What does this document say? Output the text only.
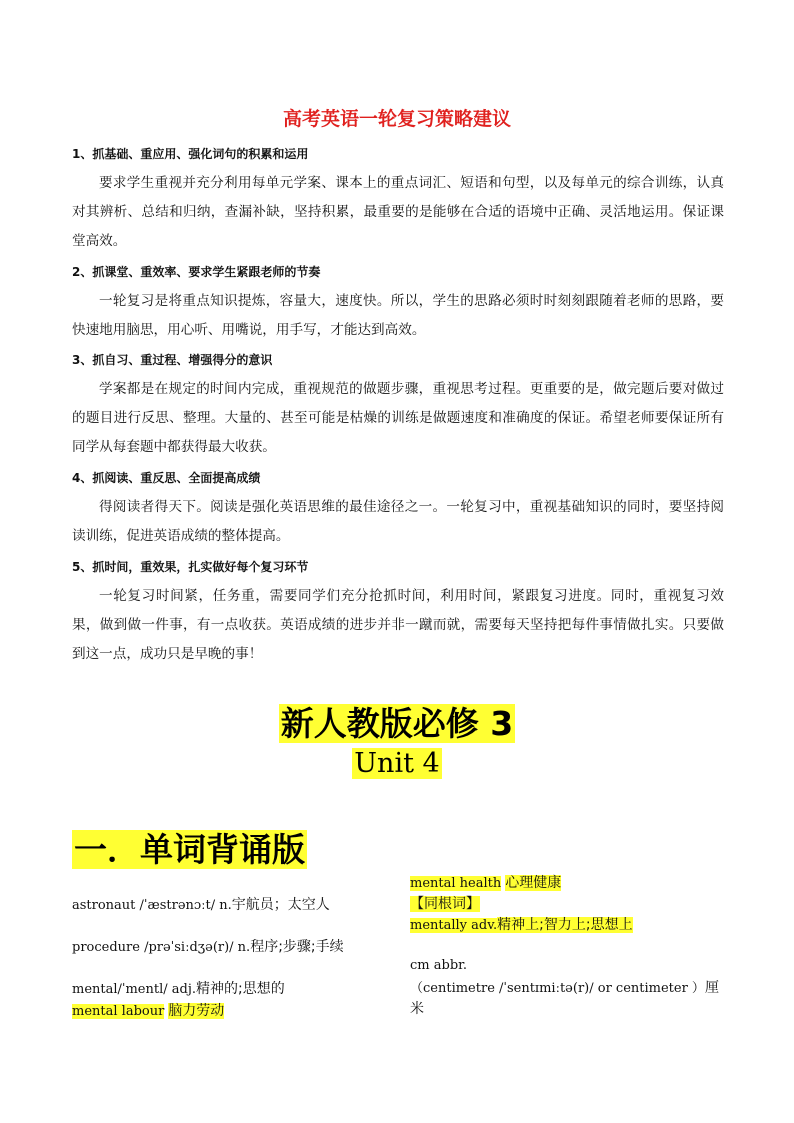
高考英语一轮复习策略建议
1、抓基础、重应用、强化词句的积累和运用
要求学生重视并充分利用每单元学案、课本上的重点词汇、短语和句型，以及每单元的综合训练，认真对其辨析、总结和归纳，查漏补缺，坚持积累，最重要的是能够在合适的语境中正确、灵活地运用。保证课堂高效。
2、抓课堂、重效率、要求学生紧跟老师的节奏
一轮复习是将重点知识提炼，容量大，速度快。所以，学生的思路必须时时刻刻跟随着老师的思路，要快速地用脑思，用心听、用嘴说，用手写，才能达到高效。
3、抓自习、重过程、增强得分的意识
学案都是在规定的时间内完成，重视规范的做题步骤，重视思考过程。更重要的是，做完题后要对做过的题目进行反思、整理。大量的、甚至可能是枯燥的训练是做题速度和准确度的保证。希望老师要保证所有同学从每套题中都获得最大收获。
4、抓阅读、重反思、全面提高成绩
得阅读者得天下。阅读是强化英语思维的最佳途径之一。一轮复习中，重视基础知识的同时，要坚持阅读训练，促进英语成绩的整体提高。
5、抓时间，重效果，扎实做好每个复习环节
一轮复习时间紧，任务重，需要同学们充分抢抓时间，利用时间，紧跟复习进度。同时，重视复习效果，做到做一件事，有一点收获。英语成绩的进步并非一蹴而就，需要每天坚持把每件事情做扎实。只要做到这一点，成功只是早晚的事！
新人教版必修 3
Unit 4
一．单词背诵版
astronaut /ˈæstrənɔːt/ n.宇航员；太空人
procedure /prəˈsiːdʒə(r)/ n.程序;步骤;手续
mental/ˈmentl/ adj.精神的;思想的
mental labour 脑力劳动
mental health 心理健康
【同根词】
mentally adv.精神上;智力上;思想上
cm abbr.
（centimetre /ˈsentɪmiːtə(r)/ or centimeter ）厘米
